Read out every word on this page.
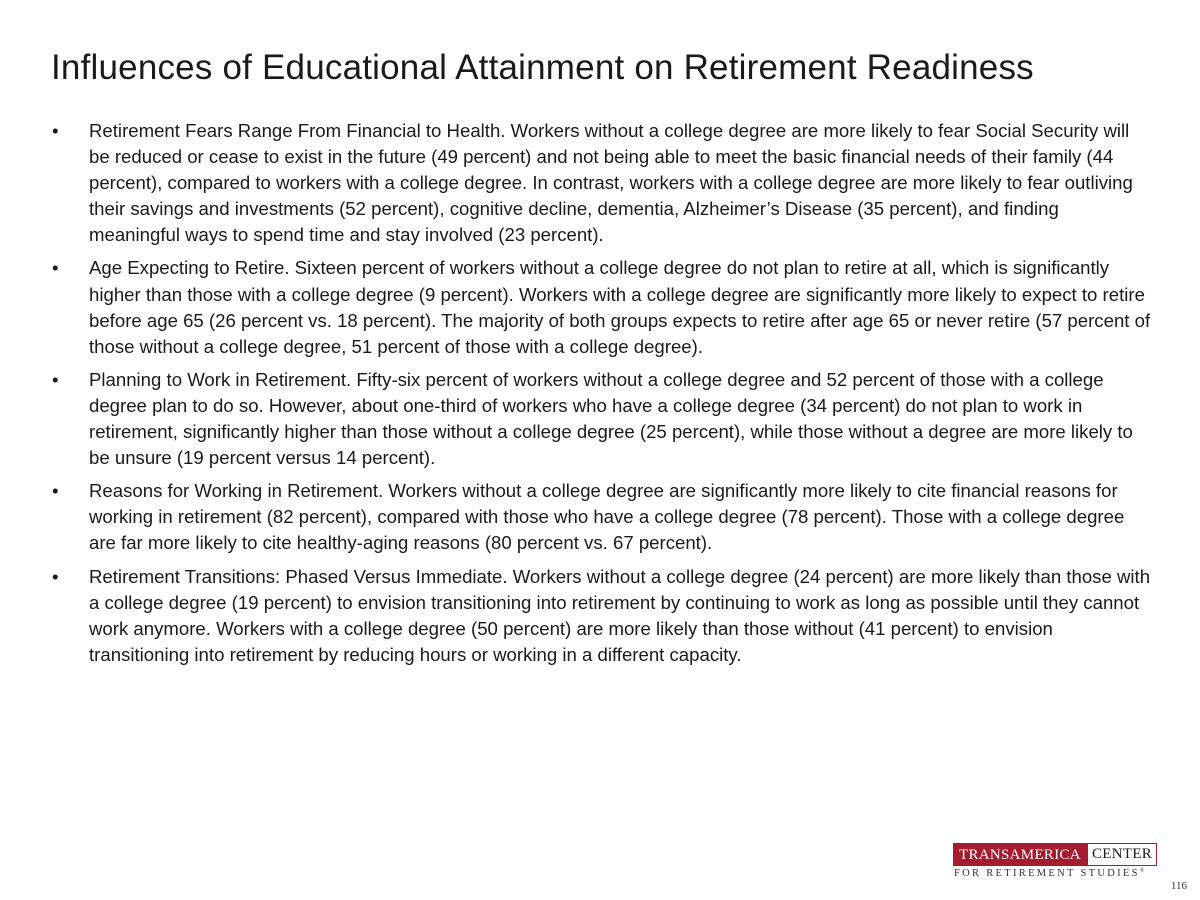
Influences of Educational Attainment on Retirement Readiness
•	Retirement Fears Range From Financial to Health. Workers without a college degree are more likely to fear Social Security will be reduced or cease to exist in the future (49 percent) and not being able to meet the basic financial needs of their family (44 percent), compared to workers with a college degree. In contrast, workers with a college degree are more likely to fear outliving their savings and investments (52 percent), cognitive decline, dementia, Alzheimer’s Disease (35 percent), and finding meaningful ways to spend time and stay involved (23 percent).
•	Age Expecting to Retire. Sixteen percent of workers without a college degree do not plan to retire at all, which is significantly higher than those with a college degree (9 percent). Workers with a college degree are significantly more likely to expect to retire before age 65 (26 percent vs. 18 percent). The majority of both groups expects to retire after age 65 or never retire (57 percent of those without a college degree, 51 percent of those with a college degree).
•	Planning to Work in Retirement. Fifty-six percent of workers without a college degree and 52 percent of those with a college degree plan to do so. However, about one-third of workers who have a college degree (34 percent) do not plan to work in retirement, significantly higher than those without a college degree (25 percent), while those without a degree are more likely to be unsure (19 percent versus 14 percent).
•	Reasons for Working in Retirement. Workers without a college degree are significantly more likely to cite financial reasons for working in retirement (82 percent), compared with those who have a college degree (78 percent). Those with a college degree are far more likely to cite healthy-aging reasons (80 percent vs. 67 percent).
•	Retirement Transitions: Phased Versus Immediate. Workers without a college degree (24 percent) are more likely than those with a college degree (19 percent) to envision transitioning into retirement by continuing to work as long as possible until they cannot work anymore. Workers with a college degree (50 percent) are more likely than those without (41 percent) to envision transitioning into retirement by reducing hours or working in a different capacity.
TRANSAMERICA CENTER
FOR RETIREMENT STUDIES®
116
